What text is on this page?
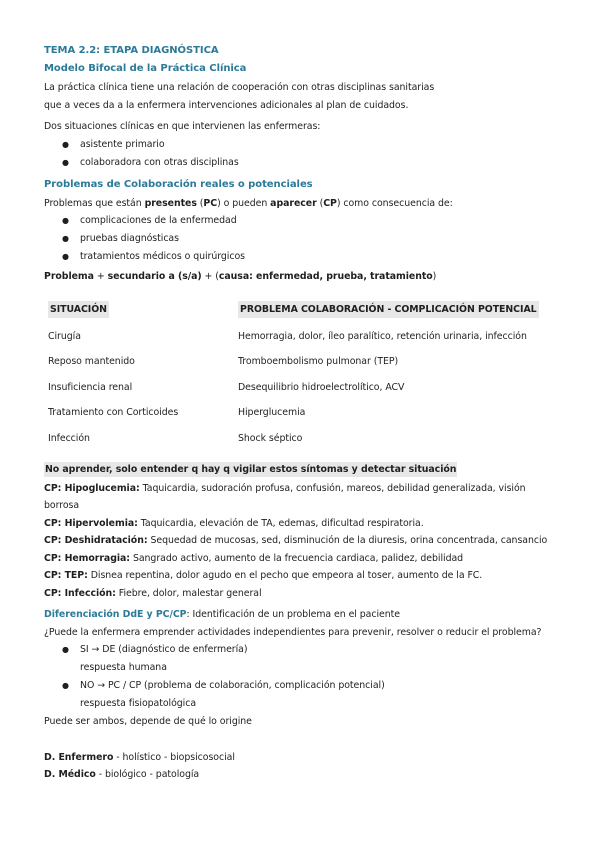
TEMA 2.2: ETAPA DIAGNÓSTICA
Modelo Bifocal de la Práctica Clínica

La práctica clínica tiene una relación de cooperación con otras disciplinas sanitarias

que a veces da a la enfermera intervenciones adicionales al plan de cuidados.

Dos situaciones clínicas en que intervienen las enfermeras:

● asistente primario
● colaboradora con otras disciplinas
Problemas de Colaboración reales o potenciales

Problemas que están presentes (PC) o pueden aparecer (CP) como consecuencia de:

● complicaciones de la enfermedad
● pruebas diagnósticas
● tratamientos médicos o quirúrgicos

Problema + secundario a (s/a) + (causa: enfermedad, prueba, tratamiento)

SITUACIÓN	PROBLEMA COLABORACIÓN - COMPLICACIÓN POTENCIAL
Cirugía	Hemorragia, dolor, íleo paralítico, retención urinaria, infección
Reposo mantenido	Tromboembolismo pulmonar (TEP)
Insuficiencia renal	Desequilibrio hidroelectrolítico, ACV
Tratamiento con Corticoides	Hiperglucemia
Infección	Shock séptico

No aprender, solo entender q hay q vigilar estos síntomas y detectar situación

CP: Hipoglucemia: Taquicardia, sudoración profusa, confusión, mareos, debilidad generalizada, visión

borrosa

CP: Hipervolemia: Taquicardia, elevación de TA, edemas, dificultad respiratoria.

CP: Deshidratación: Sequedad de mucosas, sed, disminución de la diuresis, orina concentrada, cansancio

CP: Hemorragia: Sangrado activo, aumento de la frecuencia cardiaca, palidez, debilidad

CP: TEP: Disnea repentina, dolor agudo en el pecho que empeora al toser, aumento de la FC.

CP: Infección: Fiebre, dolor, malestar general

Diferenciación DdE y PC/CP: Identificación de un problema en el paciente

¿Puede la enfermera emprender actividades independientes para prevenir, resolver o reducir el problema?

● SI → DE (diagnóstico de enfermería)
respuesta humana
● NO → PC / CP (problema de colaboración, complicación potencial)
respuesta fisiopatológica

Puede ser ambos, depende de qué lo origine

D. Enfermero - holístico - biopsicosocial

D. Médico - biológico - patología
